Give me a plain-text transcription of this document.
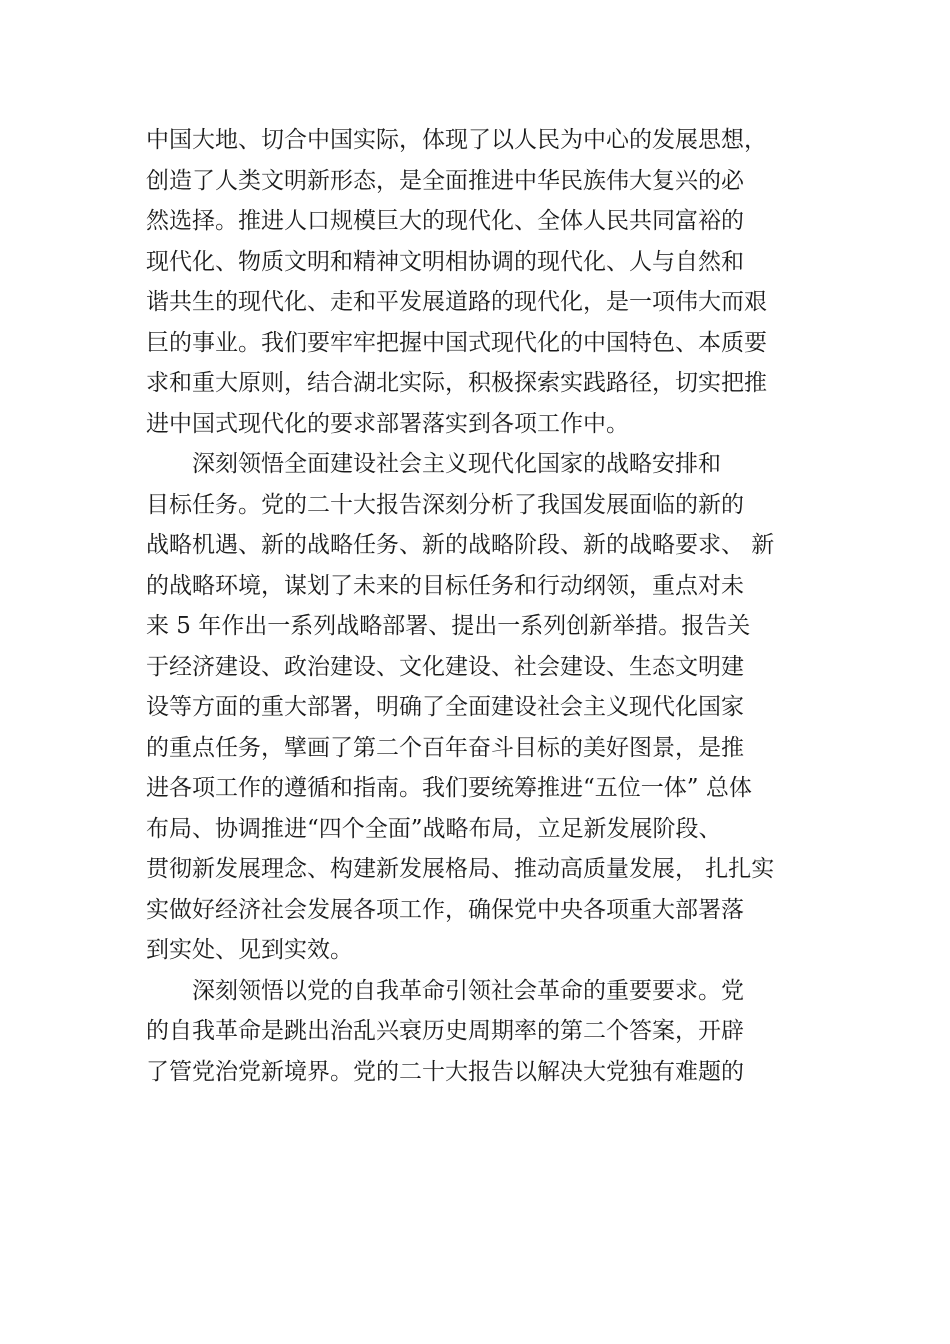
中国大地、切合中国实际，体现了以人民为中心的发展思想，
创造了人类文明新形态，是全面推进中华民族伟大复兴的必
然选择。推进人口规模巨大的现代化、全体人民共同富裕的
现代化、物质文明和精神文明相协调的现代化、人与自然和
谐共生的现代化、走和平发展道路的现代化，是一项伟大而艰
巨的事业。我们要牢牢把握中国式现代化的中国特色、本质要
求和重大原则，结合湖北实际，积极探索实践路径，切实把推
进中国式现代化的要求部署落实到各项工作中。
深刻领悟全面建设社会主义现代化国家的战略安排和
目标任务。党的二十大报告深刻分析了我国发展面临的新的
战略机遇、新的战略任务、新的战略阶段、新的战略要求、 新
的战略环境，谋划了未来的目标任务和行动纲领，重点对未
来 5 年作出一系列战略部署、提出一系列创新举措。报告关
于经济建设、政治建设、文化建设、社会建设、生态文明建
设等方面的重大部署，明确了全面建设社会主义现代化国家
的重点任务，擘画了第二个百年奋斗目标的美好图景，是推
进各项工作的遵循和指南。我们要统筹推进“五位一体” 总体
布局、协调推进“四个全面”战略布局，立足新发展阶段、
贯彻新发展理念、构建新发展格局、推动高质量发展， 扎扎实
实做好经济社会发展各项工作，确保党中央各项重大部署落
到实处、见到实效。
深刻领悟以党的自我革命引领社会革命的重要要求。党
的自我革命是跳出治乱兴衰历史周期率的第二个答案，开辟
了管党治党新境界。党的二十大报告以解决大党独有难题的
